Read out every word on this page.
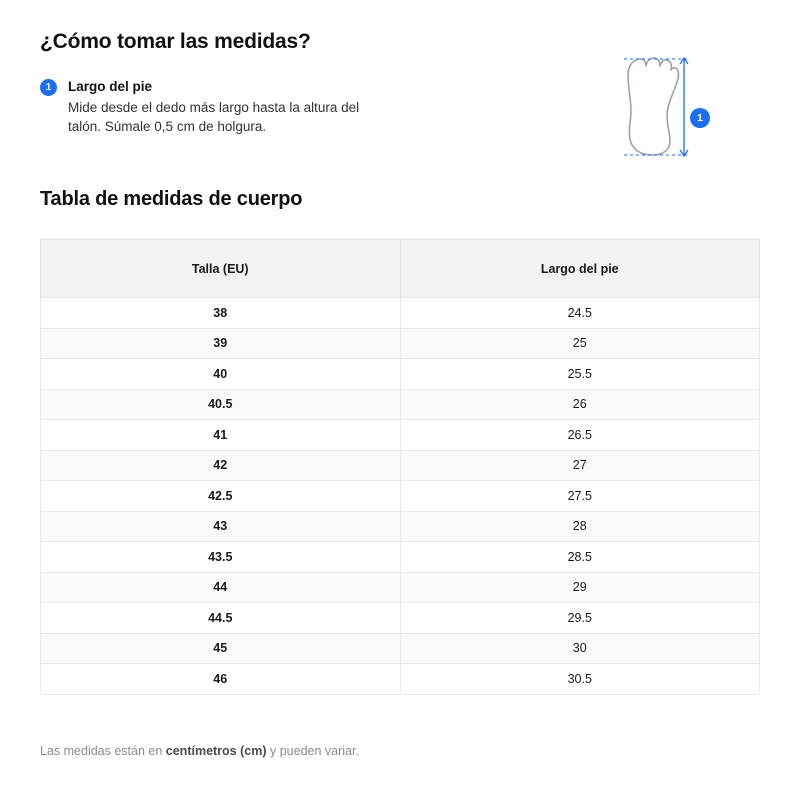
¿Cómo tomar las medidas?
1	Largo del pie
Mide desde el dedo más largo hasta la altura del talón. Súmale 0,5 cm de holgura.
1
Tabla de medidas de cuerpo
Talla (EU)	Largo del pie
38	24.5
39	25
40	25.5
40.5	26
41	26.5
42	27
42.5	27.5
43	28
43.5	28.5
44	29
44.5	29.5
45	30
46	30.5
Las medidas están en centímetros (cm) y pueden variar.
